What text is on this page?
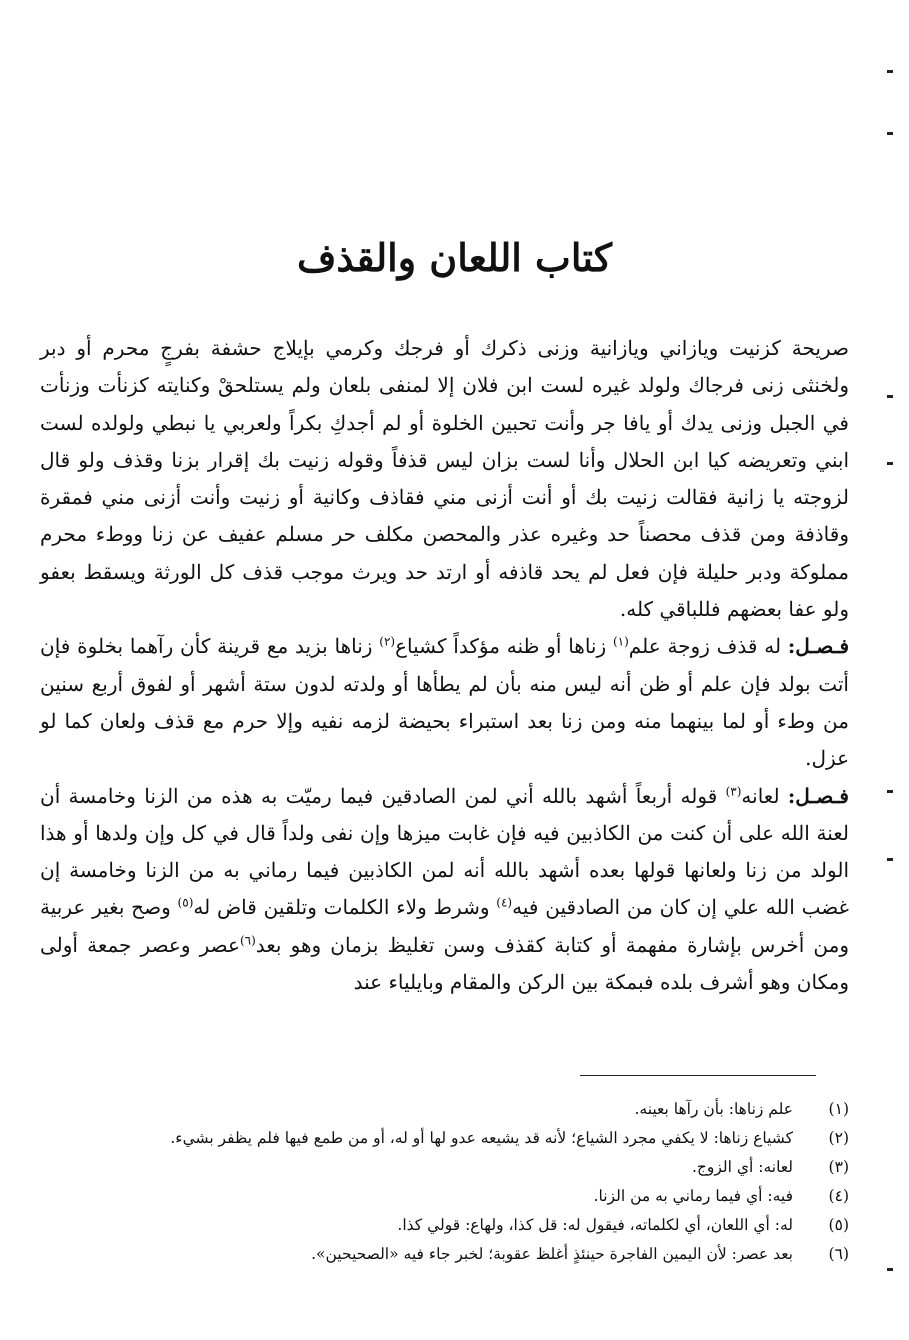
كتاب اللعان والقذف

صريحة كزنيت ويازاني ويازانية وزنى ذكرك أو فرجك وكرمي بإيلاج حشفة بفرجٍ محرم أو دبر ولخنثى زنى فرجاك ولولد غيره لست ابن فلان إلا لمنفى بلعان ولم يستلحقْ وكنايته كزنأت وزنأت في الجبل وزنى يدك أو يافا جر وأنت تحبين الخلوة أو لم أجدكِ بكراً ولعربي يا نبطي ولولده لست ابني وتعريضه كيا ابن الحلال وأنا لست بزان ليس قذفاً وقوله زنيت بك إقرار بزنا وقذف ولو قال لزوجته يا زانية فقالت زنيت بك أو أنت أزنى مني فقاذف وكانية أو زنيت وأنت أزنى مني فمقرة وقاذفة ومن قذف محصناً حد وغيره عذر والمحصن مكلف حر مسلم عفيف عن زنا ووطء محرم مملوكة ودبر حليلة فإن فعل لم يحد قاذفه أو ارتد حد ويرث موجب قذف كل الورثة ويسقط بعفو ولو عفا بعضهم فللباقي كله.

فـصـل: له قذف زوجة علم$^{(١)}$ زناها أو ظنه مؤكداً كشياع$^{(٢)}$ زناها بزيد مع قرينة كأن رآهما بخلوة فإن أتت بولد فإن علم أو ظن أنه ليس منه بأن لم يطأها أو ولدته لدون ستة أشهر أو لفوق أربع سنين من وطء أو لما بينهما منه ومن زنا بعد استبراء بحيضة لزمه نفيه وإلا حرم مع قذف ولعان كما لو عزل.

فـصـل: لعانه$^{(٣)}$ قوله أربعاً أشهد بالله أني لمن الصادقين فيما رميّت به هذه من الزنا وخامسة أن لعنة الله على أن كنت من الكاذبين فيه فإن غابت ميزها وإن نفى ولداً قال في كل وإن ولدها أو هذا الولد من زنا ولعانها قولها بعده أشهد بالله أنه لمن الكاذبين فيما رماني به من الزنا وخامسة إن غضب الله علي إن كان من الصادقين فيه$^{(٤)}$ وشرط ولاء الكلمات وتلقين قاض له$^{(٥)}$ وصح بغير عربية ومن أخرس بإشارة مفهمة أو كتابة كقذف وسن تغليظ بزمان وهو بعد$^{(٦)}$عصر وعصر جمعة أولى ومكان وهو أشرف بلده فبمكة بين الركن والمقام وبايلياء عند

(١)
علم زناها: بأن رآها بعينه.
(٢)
كشياع زناها: لا يكفي مجرد الشياع؛ لأنه قد يشيعه عدو لها أو له، أو من طمع فيها فلم يظفر بشيء.
(٣)
لعانه: أي الزوج.
(٤)
فيه: أي فيما رماني به من الزنا.
(٥)
له: أي اللعان، أي لكلماته، فيقول له: قل كذا، ولهاع: قولي كذا.
(٦)
بعد عصر: لأن اليمين الفاجرة حينئذٍ أغلظ عقوبة؛ لخبر جاء فيه «الصحيحين».
